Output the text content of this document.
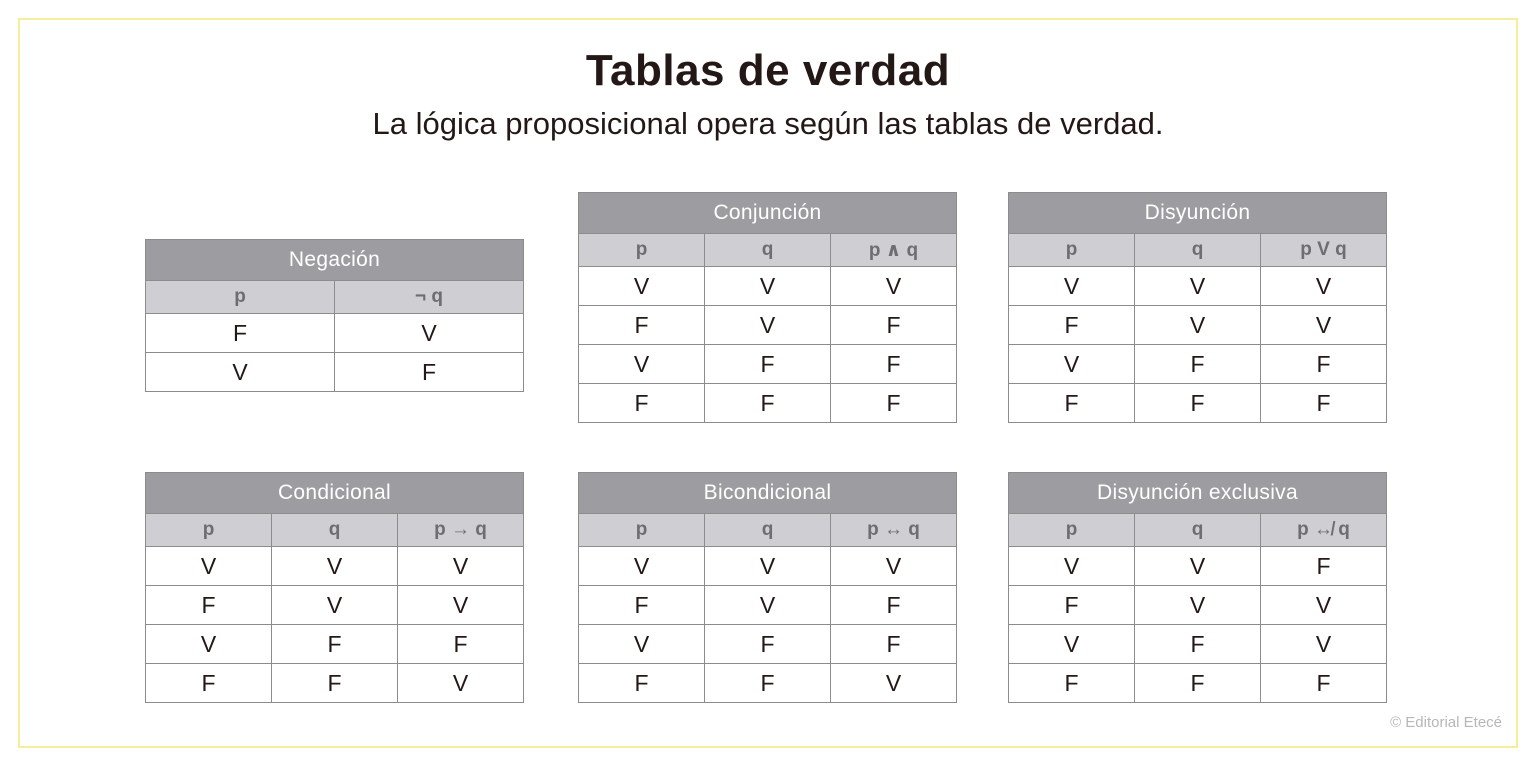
Tablas de verdad

La lógica proposicional opera según las tablas de verdad.

Negación	
p	¬ q
F	V
V	F
Conjunción		
p	q	p ∧ q
V	V	V
F	V	F
V	F	F
F	F	F
Disyunción		
p	q	p V q
V	V	V
F	V	V
V	F	F
F	F	F
Condicional		
p	q	p → q
V	V	V
F	V	V
V	F	F
F	F	V
Bicondicional		
p	q	p ↔ q
V	V	V
F	V	F
V	F	F
F	F	V
Disyunción exclusiva		
p	q	p ↮ q
V	V	F
F	V	V
V	F	V
F	F	F
© Editorial Etecé
